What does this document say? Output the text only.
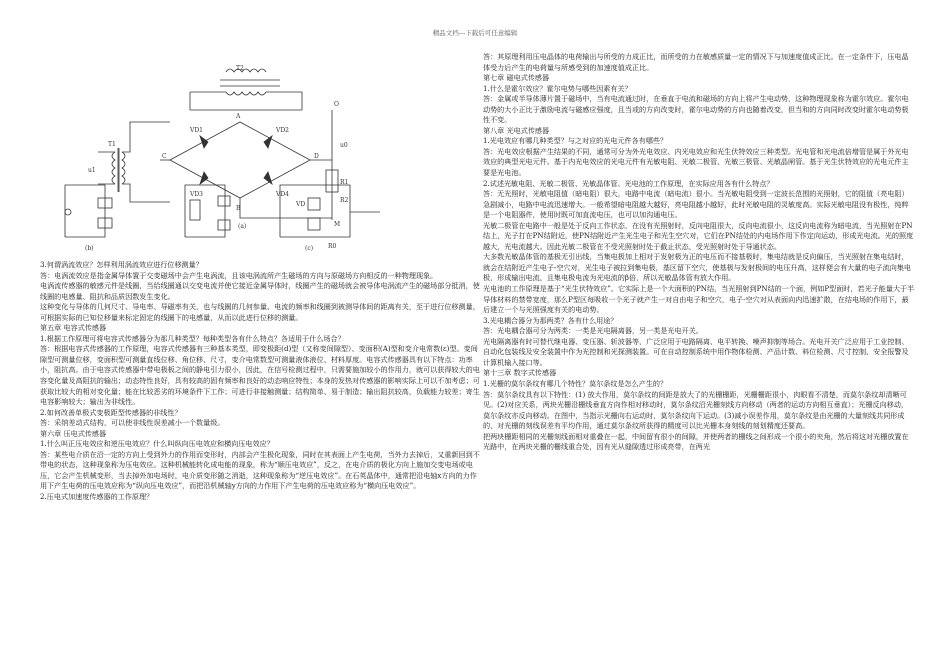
精品文档---下载后可任意编辑
T2
T1
u1
u0
VD1	VD2
VD3	VD4
R1
R2
A
B
C	D
M
O
R0
VD
(a)
(b)	(c)

3.何谓涡流效应？怎样利用涡流效应进行位移测量？

答：电涡流效应是指金属导体置于交变磁场中会产生电涡流，且该电涡流所产生磁场的方向与原磁场方向相反的一种物理现象。

电涡流传感器的敏感元件是线圈，当给线圈通以交变电流并使它接近金属导体时，线圈产生的磁场就会被导体电涡流产生的磁场部分抵消，使线圈的电感量、阻抗和品质因数发生变化。

这种变化与导体的几何尺寸、导电率、导磁率有关，也与线圈的几何参量、电流的频率和线圈到被测导体间的距离有关，至于进行位移测量，可根据实际的已知位移量来标定固定的线圈下的电感量，从而以此进行位移的测量。

第五章 电容式传感器

1.根据工作原理可将电容式传感器分为那几种类型？每种类型各有什么特点？各适用于什么场合？

答：根据电容式传感器的工作原理，电容式传感器有三种基本类型，即变极距(d)型（又称变间隙型）、变面积(A)型和变介电常数(ε)型。变间隙型可测量位移，变面积型可测量直线位移、角位移、尺寸，变介电常数型可测量液体液位、材料厚度。电容式传感器具有以下特点：功率小，阻抗高。由于电容式传感器中带电极板之间的静电引力很小，因此，在信号检测过程中，只需要施加较小的作用力，就可以获得较大的电容变化量及高阻抗的输出；动态特性良好，具有较高的固有频率和良好的动态响应特性；本身的发热对传感器的影响实际上可以不加考虑；可获取比较大的相对变化量；能在比较恶劣的环境条件下工作；可进行非接触测量；结构简单、易于制造；输出阻抗较高，负载能力较差；寄生电容影响较大；输出为非线性。

2.如何改善单极式变极距型传感器的非线性？

答：采纳差动式结构，可以使非线性误差减小一个数量级。

第六章 压电式传感器

1.什么叫正压电效应和逆压电效应？什么叫纵向压电效应和横向压电效应？

答：某些电介质在沿一定的方向上受到外力的作用而变形时，内部会产生极化现象，同时在其表面上产生电荷，当外力去掉后，又重新回到不带电的状态，这种现象称为压电效应。这种机械能转化成电能的现象，称为“顺压电效应”，反之，在电介质的极化方向上施加交变电场或电压，它会产生机械变形，当去掉外加电场时，电介质变形随之消逝，这种现象称为“逆压电效应”。在石英晶体中，通常把沿电轴x方向的力作用下产生电荷的压电效应称为“纵向压电效应”，而把沿机械轴y方向的力作用下产生电荷的压电效应称为“横向压电效应”。

2.压电式加速度传感器的工作原理？

答：其原理利用压电晶体的电荷输出与所受的力成正比，而所受的力在敏感质量一定的情况下与加速度值成正比。在一定条件下，压电晶体受力后产生的电荷量与所感受到的加速度值成正比。

第七章 磁电式传感器

1.什么是霍尔效应？霍尔电势与哪些因素有关？

答：金属或半导体薄片置于磁场中，当有电流通过时，在垂直于电流和磁场的方向上将产生电动势，这种物理现象称为霍尔效应。霍尔电动势的大小正比于激励电流与磁感应强度，且当或的方向改变时，霍尔电动势的方向也随着改变，但当和的方向同时改变时霍尔电动势极性不变。

第八章 光电式传感器

1.光电效应有哪几种类型？与之对应的光电元件各有哪些？

答：光电效应根据产生结果的不同，通常可分为外光电效应、内光电效应和光生伏特效应三种类型。光电管和光电流倍增管是属于外光电效应的典型光电元件。基于内光电效应的光电元件有光敏电阻、光敏二极管、光敏三极管、光敏晶闸管。基于光生伏特效应的光电元件主要是光电池。

2.试述光敏电阻、光敏二极管、光敏晶体管、光电池的工作原理，在实际应用各有什么特点？

答：无光照时，光敏电阻值（暗电阻）很大，电路中电流（暗电流）很小。当光敏电阻受到一定波长范围的光照射，它的阻值（亮电阻）急剧减小，电路中电流迅速增大。一般希望暗电阻越大越好，亮电阻越小越好，此时光敏电阻的灵敏度高。实际光敏电阻没有极性，纯粹是一个电阻器件，使用时既可加直流电压，也可以加沟通电压。

光敏二极管在电路中一般是处于反向工作状态，在没有光照射时，反向电阻很大，反向电流很小，这反向电流称为暗电流，当光照射在PN结上，光子打在PN结附近，使PN结附近产生光生电子和光生空穴对，它们在PN结处的内电场作用下作定向运动，形成光电流。光的照度越大，光电流越大。因此光敏二极管在不受光照射时处于截止状态，受光照射时处于导通状态。

大多数光敏晶体管的基极无引出线，当集电极加上相对于发射极为正的电压而不接基极时，集电结就是反向偏压，当光照射在集电结时，就会在结附近产生电子-空穴对，光生电子被拉到集电极，基区留下空穴，使基极与发射极间的电压升高，这样便会有大量的电子流向集电极，形成输出电流，且集电极电流为光电流的β倍，所以光敏晶体管有放大作用。

光电池的工作原理是基于“光生伏特效应”。它实际上是一个大面积的PN结，当光照射到PN结的一个面，例如P型面时，若光子能量大于半导体材料的禁带宽度，那么P型区每吸收一个光子就产生一对自由电子和空穴，电子-空穴对从表面向内迅速扩散，在结电场的作用下，最后建立一个与光照强度有关的电动势。

3.光电耦合器分为那两类？各有什么用途？

答：光电耦合器可分为两类：一类是光电隔离器，另一类是光电开关。

光电隔离器有时可替代继电器、变压器、斩波器等，广泛应用于电路隔离、电平转换、噪声抑制等场合。光电开关广泛应用于工业控制、自动化包装线及安全装置中作为光控制和光探测装置。可在自动控制系统中用作物体检测、产品计数、料位检测、尺寸控制、安全报警及计算机输入接口等。

第十三章 数字式传感器

1.光栅的莫尔条纹有哪几个特性？莫尔条纹是怎么产生的？

答：莫尔条纹具有以下特性：(1) 放大作用，莫尔条纹的间距是放大了的光栅栅距，光栅栅距很小，肉眼看不清楚，而莫尔条纹却清晰可见。(2)对应关系，两块光栅沿栅线垂直方向作相对移动时，莫尔条纹沿光栅刻线方向移动（两者的运动方向相互垂直）；光栅反向移动，莫尔条纹亦反向移动。在图中，当指示光栅向右运动时，莫尔条纹向下运动。(3)减小误差作用，莫尔条纹是由光栅的大量刻线共同形成的，对光栅的刻线误差有平均作用，通过莫尔条纹所获得的精度可以比光栅本身刻线的刻划精度还要高。

把两块栅距相同的光栅刻线面相对重叠在一起，中间留有很小的间隙，并使两者的栅线之间形成一个很小的夹角，然后将这对光栅放置在光路中，在两块光栅的栅线重合处，因有光从缝隙透过形成亮带，在两光
